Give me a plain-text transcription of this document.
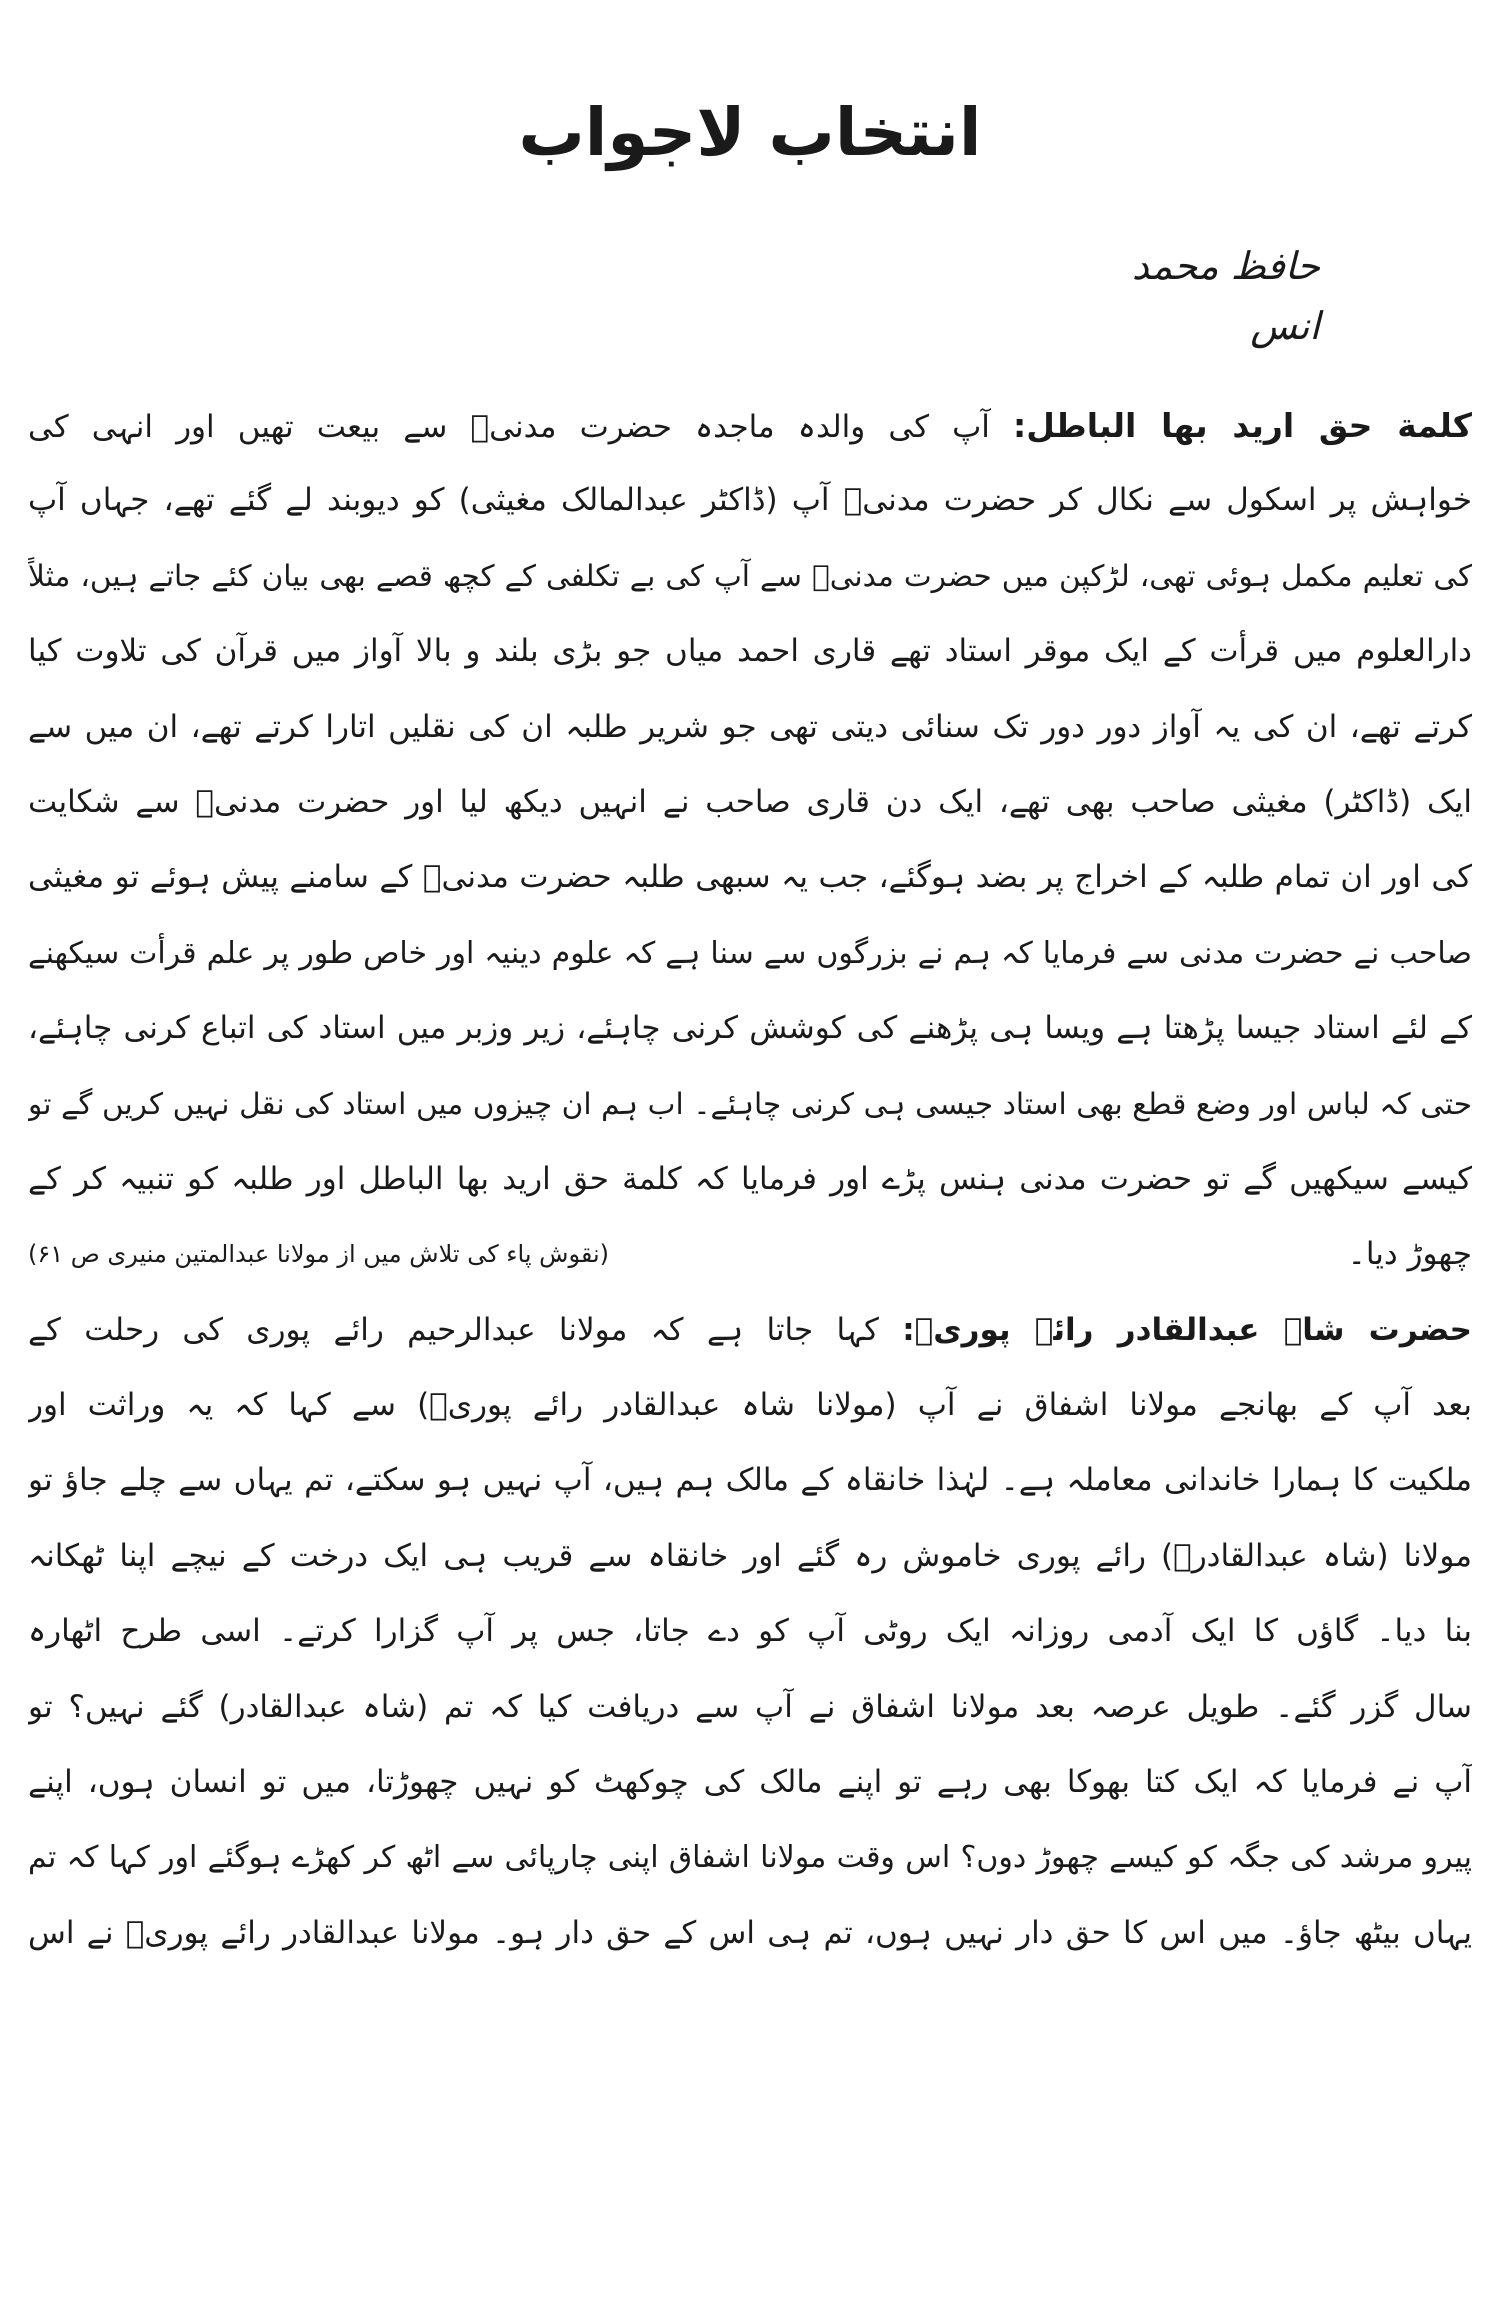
انتخاب لاجواب
حافظ محمد انس
کلمة حق ارید بها الباطل: آپ کی والدہ ماجدہ حضرت مدنیؒ سے بیعت تھیں اور انہی کی
خواہش پر اسکول سے نکال کر حضرت مدنیؒ آپ (ڈاکٹر عبدالمالک مغیثی) کو دیوبند لے گئے تھے، جہاں آپ
کی تعلیم مکمل ہوئی تھی، لڑکپن میں حضرت مدنیؒ سے آپ کی بے تکلفی کے کچھ قصے بھی بیان کئے جاتے ہیں، مثلاً
دارالعلوم میں قرأت کے ایک موقر استاد تھے قاری احمد میاں جو بڑی بلند و بالا آواز میں قرآن کی تلاوت کیا
کرتے تھے، ان کی یہ آواز دور دور تک سنائی دیتی تھی جو شریر طلبہ ان کی نقلیں اتارا کرتے تھے، ان میں سے
ایک (ڈاکٹر) مغیثی صاحب بھی تھے، ایک دن قاری صاحب نے انہیں دیکھ لیا اور حضرت مدنیؒ سے شکایت
کی اور ان تمام طلبہ کے اخراج پر بضد ہوگئے، جب یہ سبھی طلبہ حضرت مدنیؒ کے سامنے پیش ہوئے تو مغیثی
صاحب نے حضرت مدنی سے فرمایا کہ ہم نے بزرگوں سے سنا ہے کہ علوم دینیہ اور خاص طور پر علم قرأت سیکھنے
کے لئے استاد جیسا پڑھتا ہے ویسا ہی پڑھنے کی کوشش کرنی چاہئے، زیر وزبر میں استاد کی اتباع کرنی چاہئے،
حتی کہ لباس اور وضع قطع بھی استاد جیسی ہی کرنی چاہئے۔ اب ہم ان چیزوں میں استاد کی نقل نہیں کریں گے تو
کیسے سیکھیں گے تو حضرت مدنی ہنس پڑے اور فرمایا کہ کلمة حق ارید بها الباطل اور طلبہ کو تنبیہ کر کے
چھوڑ دیا۔
(نقوش پاء کی تلاش میں از مولانا عبدالمتین منیری ص ۶۱)
حضرت شاہ عبدالقادر رائے پوریؒ: کہا جاتا ہے کہ مولانا عبدالرحیم رائے پوری کی رحلت کے
بعد آپ کے بھانجے مولانا اشفاق نے آپ (مولانا شاہ عبدالقادر رائے پوریؒ) سے کہا کہ یہ وراثت اور
ملکیت کا ہمارا خاندانی معاملہ ہے۔ لہٰذا خانقاہ کے مالک ہم ہیں، آپ نہیں ہو سکتے، تم یہاں سے چلے جاؤ تو
مولانا (شاہ عبدالقادرؒ) رائے پوری خاموش رہ گئے اور خانقاہ سے قریب ہی ایک درخت کے نیچے اپنا ٹھکانہ
بنا دیا۔ گاؤں کا ایک آدمی روزانہ ایک روٹی آپ کو دے جاتا، جس پر آپ گزارا کرتے۔ اسی طرح اٹھارہ
سال گزر گئے۔ طویل عرصہ بعد مولانا اشفاق نے آپ سے دریافت کیا کہ تم (شاہ عبدالقادر) گئے نہیں؟ تو
آپ نے فرمایا کہ ایک کتا بھوکا بھی رہے تو اپنے مالک کی چوکھٹ کو نہیں چھوڑتا، میں تو انسان ہوں، اپنے
پیرو مرشد کی جگہ کو کیسے چھوڑ دوں؟ اس وقت مولانا اشفاق اپنی چارپائی سے اٹھ کر کھڑے ہوگئے اور کہا کہ تم
یہاں بیٹھ جاؤ۔ میں اس کا حق دار نہیں ہوں، تم ہی اس کے حق دار ہو۔ مولانا عبدالقادر رائے پوریؒ نے اس
